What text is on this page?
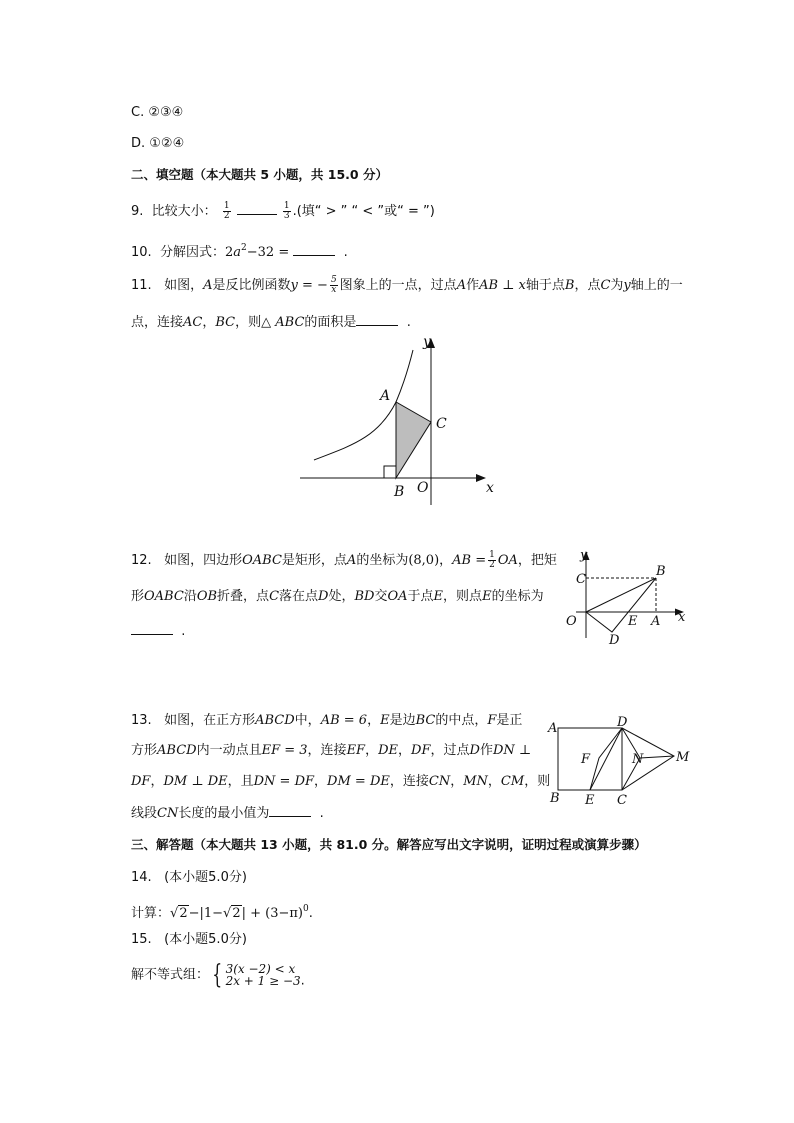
C. ②③④
D. ①②④
二、填空题（本大题共 5 小题，共 15.0 分）
9. 比较大小： $\frac{1}{2}$
	$\frac{1}{3}$ .(填“ > ” “ < ”或“ = ”)
10. 分解因式：$2a^2-32$ =	.
11. 如图，A是反比例函数y = − $\frac{5}{x}$ 图象上的一点，过点A作AB ⊥ x轴于点B，点C为y轴上的一
点，连接AC，BC，则△ ABC的面积是	.
y
x
A
B
C
O
12. 如图，四边形OABC是矩形，点A的坐标为(8,0)，AB = $\frac{1}{2}$ OA，把矩
形OABC沿OB折叠，点C落在点D处，BD交OA于点E，则点E的坐标为
.
O
C
B
E A
D
y
x
13. 如图，在正方形ABCD中，AB = 6，E是边BC的中点，F是正
方形ABCD内一动点且EF = 3，连接EF，DE，DF，过点D作DN ⊥
DF，DM ⊥ DE，且DN = DF，DM = DE，连接CN，MN，CM，则
线段CN长度的最小值为	.
A	D
F	N	M
B E C
三、解答题（本大题共 13 小题，共 81.0 分。解答应写出文字说明，证明过程或演算步骤）
14. (本小题5.0分)
计算：$√2-|1-√2| + (3-\pi)^0$.
15. (本小题5.0分)
解不等式组： { 3(x −2) < x
2x + 1 ≥ −3 .
